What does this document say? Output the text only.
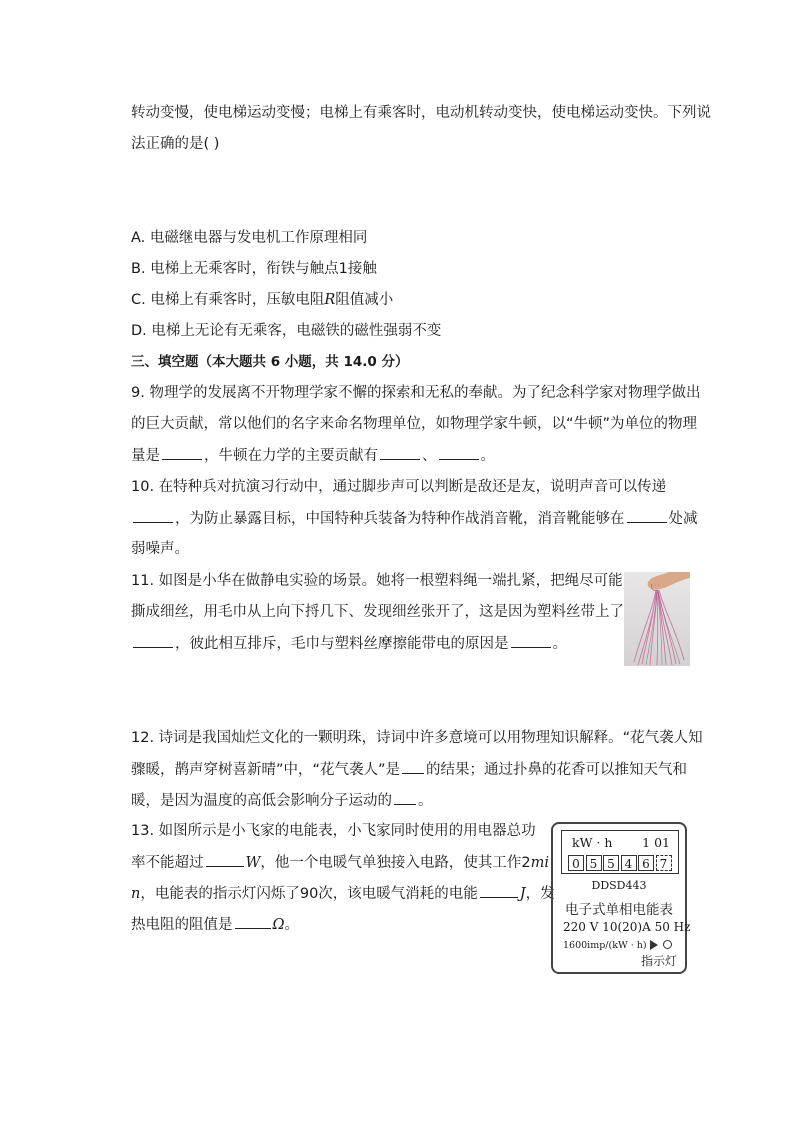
转动变慢，使电梯运动变慢；电梯上有乘客时，电动机转动变快，使电梯运动变快。下列说
法正确的是( )
A. 电磁继电器与发电机工作原理相同
B. 电梯上无乘客时，衔铁与触点1接触
C. 电梯上有乘客时，压敏电阻R阻值减小
D. 电梯上无论有无乘客，电磁铁的磁性强弱不变
三、填空题（本大题共 6 小题，共 14.0 分）
9. 物理学的发展离不开物理学家不懈的探索和无私的奉献。为了纪念科学家对物理学做出
的巨大贡献，常以他们的名字来命名物理单位，如物理学家牛顿，以“牛顿”为单位的物理
量是	，牛顿在力学的主要贡献有	、	。
10. 在特种兵对抗演习行动中，通过脚步声可以判断是敌还是友，说明声音可以传递
，为防止暴露目标，中国特种兵装备为特种作战消音靴，消音靴能够在	处减
弱噪声。
11. 如图是小华在做静电实验的场景。她将一根塑料绳一端扎紧，把绳尽可能
撕成细丝，用毛巾从上向下捋几下、发现细丝张开了，这是因为塑料丝带上了
，彼此相互排斥，毛巾与塑料丝摩擦能带电的原因是	。
12. 诗词是我国灿烂文化的一颗明珠，诗词中许多意境可以用物理知识解释。“花气袭人知
骤暖，鹊声穿树喜新晴”中，“花气袭人”是 的结果；通过扑鼻的花香可以推知天气和
暖，是因为温度的高低会影响分子运动的 。
13. 如图所示是小飞家的电能表，小飞家同时使用的用电器总功
率不能超过	W，他一个电暖气单独接入电路，使其工作2mi
n，电能表的指示灯闪烁了90次，该电暖气消耗的电能	J，发
热电阻的阻值是	Ω。
kW · h 1 01
0 5 5 4 6 7
DDSD443
电子式单相电能表
220 V 10(20)A 50 Hz
1600imp/(kW · h)
指示灯
